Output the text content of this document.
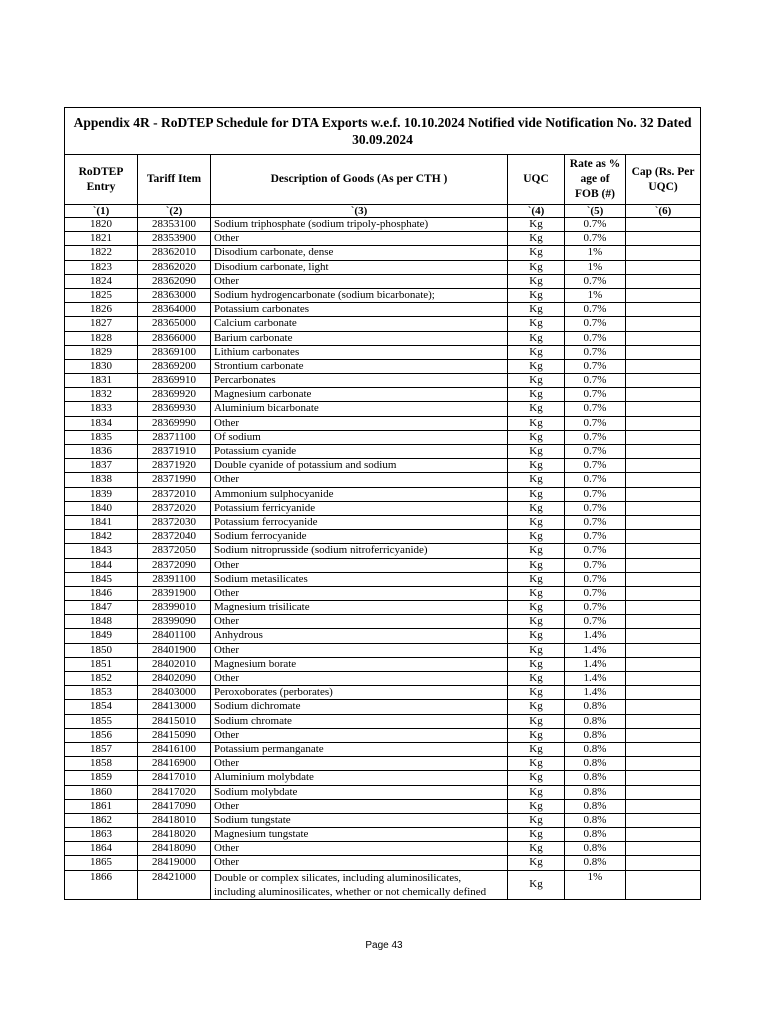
Appendix 4R - RoDTEP Schedule for DTA Exports w.e.f. 10.10.2024 Notified vide Notification No. 32 Dated 30.09.2024					
RoDTEP Entry	Tariff Item	Description of Goods (As per CTH )	UQC	Rate as % age of FOB (#)	Cap (Rs. Per UQC)
`(1)	`(2)	`(3)	`(4)	`(5)	`(6)
1820	28353100	Sodium triphosphate (sodium tripoly-phosphate)	Kg	0.7%	
1821	28353900	Other	Kg	0.7%	
1822	28362010	Disodium carbonate, dense	Kg	1%	
1823	28362020	Disodium carbonate, light	Kg	1%	
1824	28362090	Other	Kg	0.7%	
1825	28363000	Sodium hydrogencarbonate (sodium bicarbonate);	Kg	1%	
1826	28364000	Potassium carbonates	Kg	0.7%	
1827	28365000	Calcium carbonate	Kg	0.7%	
1828	28366000	Barium carbonate	Kg	0.7%	
1829	28369100	Lithium carbonates	Kg	0.7%	
1830	28369200	Strontium carbonate	Kg	0.7%	
1831	28369910	Percarbonates	Kg	0.7%	
1832	28369920	Magnesium carbonate	Kg	0.7%	
1833	28369930	Aluminium bicarbonate	Kg	0.7%	
1834	28369990	Other	Kg	0.7%	
1835	28371100	Of sodium	Kg	0.7%	
1836	28371910	Potassium cyanide	Kg	0.7%	
1837	28371920	Double cyanide of potassium and sodium	Kg	0.7%	
1838	28371990	Other	Kg	0.7%	
1839	28372010	Ammonium sulphocyanide	Kg	0.7%	
1840	28372020	Potassium ferricyanide	Kg	0.7%	
1841	28372030	Potassium ferrocyanide	Kg	0.7%	
1842	28372040	Sodium ferrocyanide	Kg	0.7%	
1843	28372050	Sodium nitroprusside (sodium nitroferricyanide)	Kg	0.7%	
1844	28372090	Other	Kg	0.7%	
1845	28391100	Sodium metasilicates	Kg	0.7%	
1846	28391900	Other	Kg	0.7%	
1847	28399010	Magnesium trisilicate	Kg	0.7%	
1848	28399090	Other	Kg	0.7%	
1849	28401100	Anhydrous	Kg	1.4%	
1850	28401900	Other	Kg	1.4%	
1851	28402010	Magnesium borate	Kg	1.4%	
1852	28402090	Other	Kg	1.4%	
1853	28403000	Peroxoborates (perborates)	Kg	1.4%	
1854	28413000	Sodium dichromate	Kg	0.8%	
1855	28415010	Sodium chromate	Kg	0.8%	
1856	28415090	Other	Kg	0.8%	
1857	28416100	Potassium permanganate	Kg	0.8%	
1858	28416900	Other	Kg	0.8%	
1859	28417010	Aluminium molybdate	Kg	0.8%	
1860	28417020	Sodium molybdate	Kg	0.8%	
1861	28417090	Other	Kg	0.8%	
1862	28418010	Sodium tungstate	Kg	0.8%	
1863	28418020	Magnesium tungstate	Kg	0.8%	
1864	28418090	Other	Kg	0.8%	
1865	28419000	Other	Kg	0.8%	
1866	28421000	Double or complex silicates, including aluminosilicates, including aluminosilicates, whether or not chemically defined	Kg	1%	
Page 43
